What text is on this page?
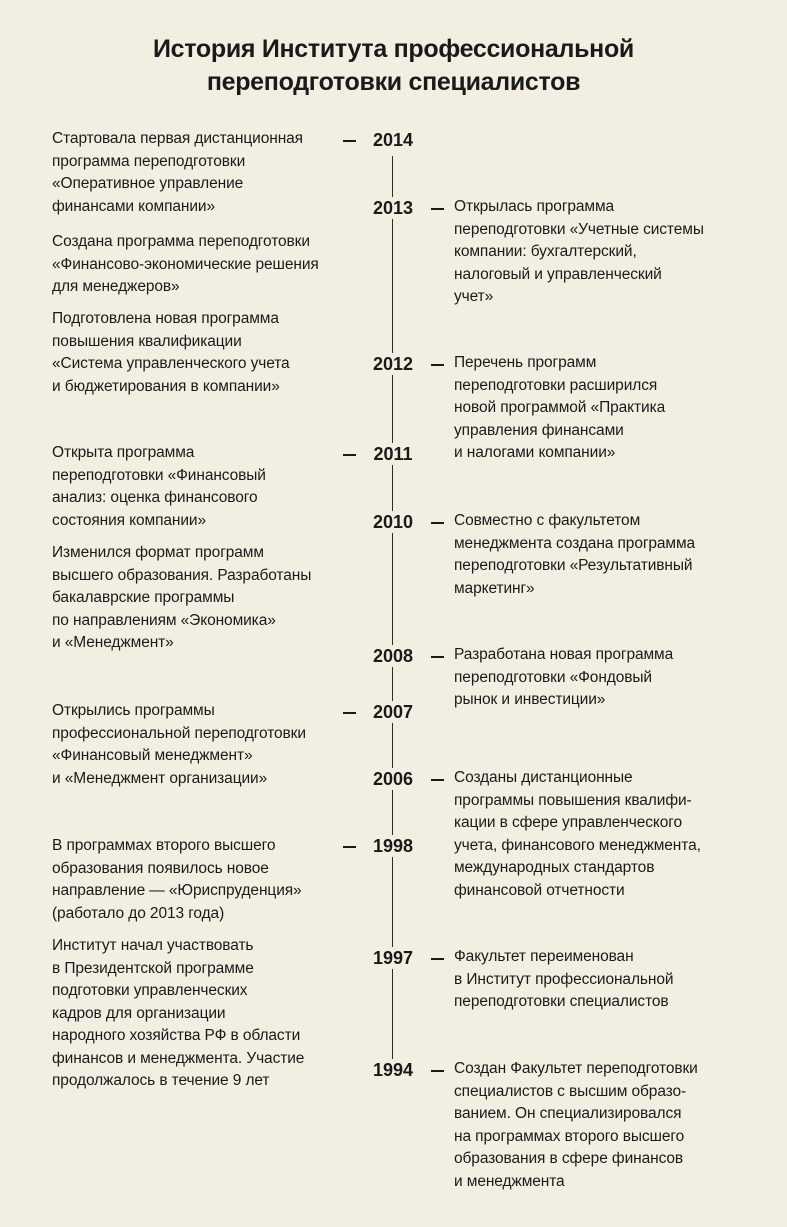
История Института профессиональной
переподготовки специалистов
2014
2013
2012
2011
2010
2008
2007
2006
1998
1997
1994
Стартовала первая дистанционная
программа переподготовки
«Оперативное управление
финансами компании»
Создана программа переподготовки
«Финансово-экономические решения
для менеджеров»
Подготовлена новая программа
повышения квалификации
«Система управленческого учета
и бюджетирования в компании»
Открыта программа
переподготовки «Финансовый
анализ: оценка финансового
состояния компании»
Изменился формат программ
высшего образования. Разработаны
бакалаврские программы
по направлениям «Экономика»
и «Менеджмент»
Открылись программы
профессиональной переподготовки
«Финансовый менеджмент»
и «Менеджмент организации»
В программах второго высшего
образования появилось новое
направление — «Юриспруденция»
(работало до 2013 года)
Институт начал участвовать
в Президентской программе
подготовки управленческих
кадров для организации
народного хозяйства РФ в области
финансов и менеджмента. Участие
продолжалось в течение 9 лет
Открылась программа
переподготовки «Учетные системы
компании: бухгалтерский,
налоговый и управленческий
учет»
Перечень программ
переподготовки расширился
новой программой «Практика
управления финансами
и налогами компании»
Совместно с факультетом
менеджмента создана программа
переподготовки «Результативный
маркетинг»
Разработана новая программа
переподготовки «Фондовый
рынок и инвестиции»
Созданы дистанционные
программы повышения квалифи-
кации в сфере управленческого
учета, финансового менеджмента,
международных стандартов
финансовой отчетности
Факультет переименован
в Институт профессиональной
переподготовки специалистов
Создан Факультет переподготовки
специалистов с высшим образо-
ванием. Он специализировался
на программах второго высшего
образования в сфере финансов
и менеджмента
